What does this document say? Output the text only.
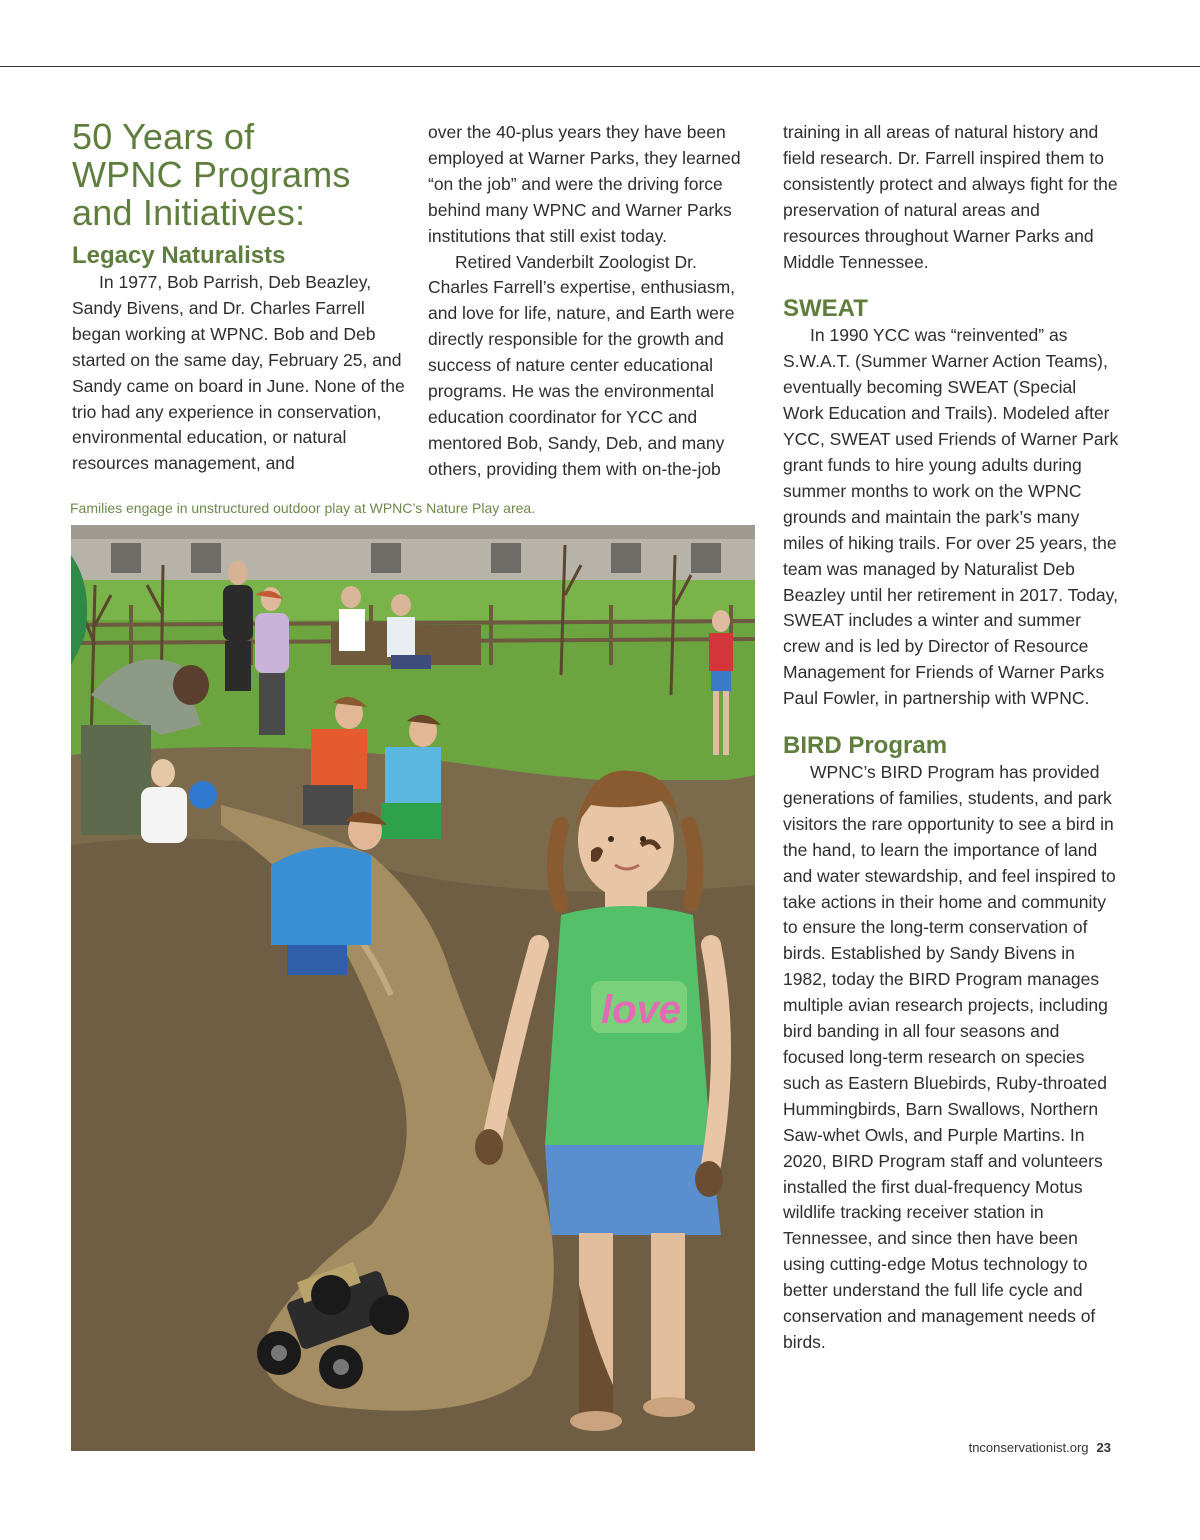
50 Years of
WPNC Programs
and Initiatives:
Legacy Naturalists

In 1977, Bob Parrish, Deb Beazley, Sandy Bivens, and Dr. Charles Farrell began working at WPNC. Bob and Deb started on the same day, February 25, and Sandy came on board in June. None of the trio had any experience in conservation, environmental education, or natural resources management, and

over the 40-plus years they have been employed at Warner Parks, they learned “on the job” and were the driving force behind many WPNC and Warner Parks institutions that still exist today.

Retired Vanderbilt Zoologist Dr. Charles Farrell’s expertise, enthusiasm, and love for life, nature, and Earth were directly responsible for the growth and success of nature center educational programs. He was the environmental education coordinator for YCC and mentored Bob, Sandy, Deb, and many others, providing them with on-the-job

training in all areas of natural history and field research. Dr. Farrell inspired them to consistently protect and always fight for the preservation of natural areas and resources throughout Warner Parks and Middle Tennessee.

SWEAT

In 1990 YCC was “reinvented” as S.W.A.T. (Summer Warner Action Teams), eventually becoming SWEAT (Special Work Education and Trails). Modeled after YCC, SWEAT used Friends of Warner Park grant funds to hire young adults during summer months to work on the WPNC grounds and maintain the park’s many miles of hiking trails. For over 25 years, the team was managed by Naturalist Deb Beazley until her retirement in 2017. Today, SWEAT includes a winter and summer crew and is led by Director of Resource Management for Friends of Warner Parks Paul Fowler, in partnership with WPNC.

BIRD Program

WPNC’s BIRD Program has provided generations of families, students, and park visitors the rare opportunity to see a bird in the hand, to learn the importance of land and water stewardship, and feel inspired to take actions in their home and community to ensure the long-term conservation of birds. Established by Sandy Bivens in 1982, today the BIRD Program manages multiple avian research projects, including bird banding in all four seasons and focused long-term research on species such as Eastern Bluebirds, Ruby-throated Hummingbirds, Barn Swallows, Northern Saw-whet Owls, and Purple Martins. In 2020, BIRD Program staff and volunteers installed the first dual-frequency Motus wildlife tracking receiver station in Tennessee, and since then have been using cutting-edge Motus technology to better understand the full life cycle and conservation and management needs of birds.

Families engage in unstructured outdoor play at WPNC’s Nature Play area.
love
tnconservationist.org 23
